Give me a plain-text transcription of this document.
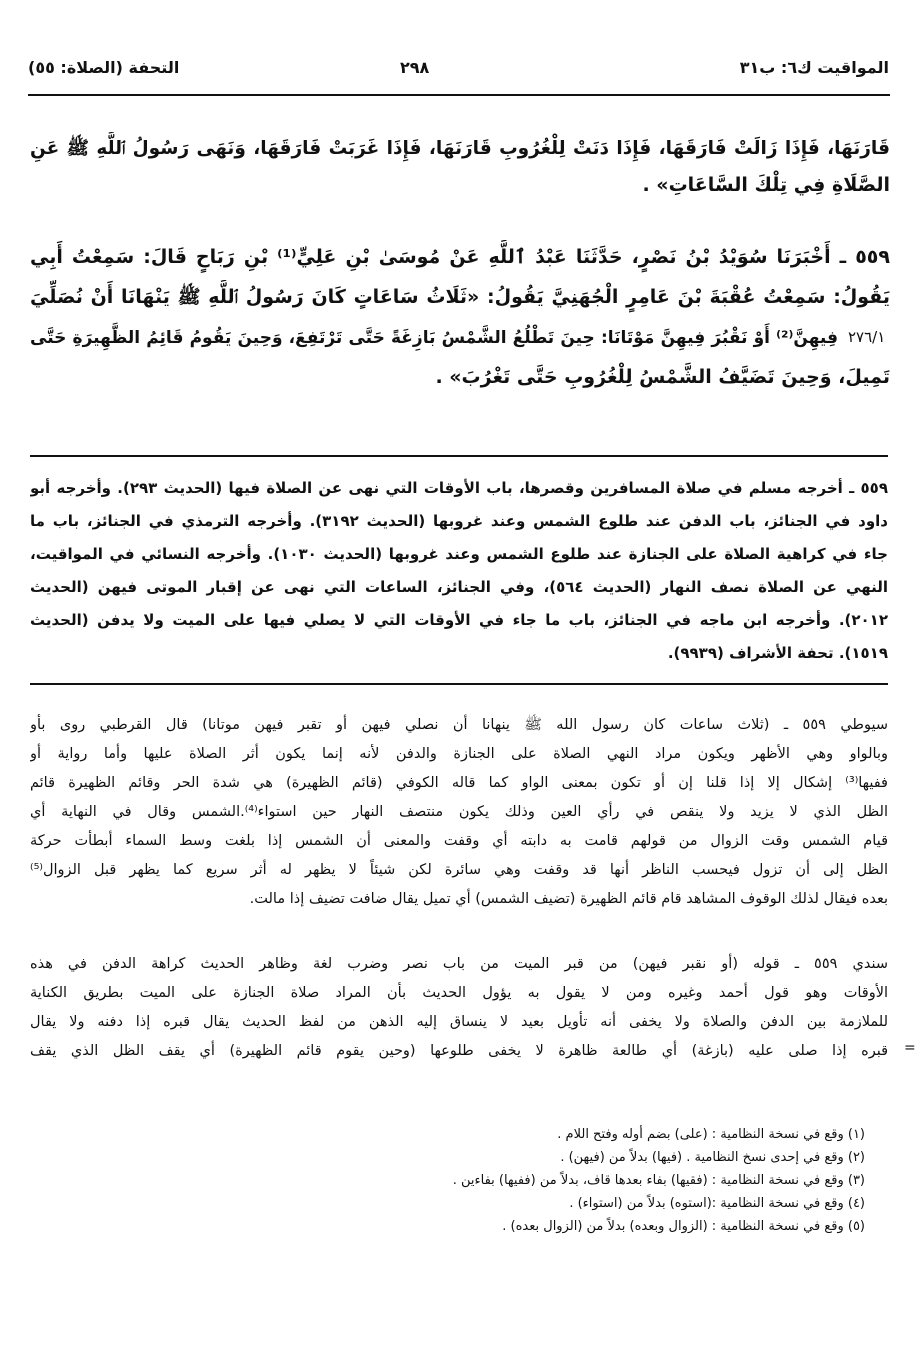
المواقيت ك٦: ب٣١
٢٩٨
التحفة (الصلاة: ٥٥)
قَارَنَهَا، فَإِذَا زَالَتْ فَارَقَهَا، فَإِذَا دَنَتْ لِلْغُرُوبِ قَارَنَهَا، فَإِذَا غَرَبَتْ فَارَقَهَا، وَنَهَى رَسُولُ ٱللَّهِ ﷺ عَنِ
الصَّلَاةِ فِي تِلْكَ السَّاعَاتِ» .
٥٥٩ ـ أَخْبَرَنَا سُوَيْدُ بْنُ نَصْرٍ، حَدَّثَنَا عَبْدُ ٱللَّهِ عَنْ مُوسَىٰ بْنِ عَلِيٍّ⁽¹⁾ بْنِ رَبَاحٍ قَالَ: سَمِعْتُ أَبِي
يَقُولُ: سَمِعْتُ عُقْبَةَ بْنَ عَامِرٍ الْجُهَنِيَّ يَقُولُ: «ثَلَاثُ سَاعَاتٍ كَانَ رَسُولُ ٱللَّهِ ﷺ يَنْهَانَا أَنْ نُصَلِّيَ
فِيهِنَّ⁽²⁾ أَوْ نَقْبُرَ فِيهِنَّ مَوْتَانَا: حِينَ تَطْلُعُ الشَّمْسُ بَازِغَةً حَتَّى تَرْتَفِعَ، وَحِينَ يَقُومُ قَائِمُ الظَّهِيرَةِ حَتَّى
تَمِيلَ، وَحِينَ تَضَيَّفُ الشَّمْسُ لِلْغُرُوبِ حَتَّى تَغْرُبَ» .
٢٧٦/١
٥٥٩ ـ أخرجه مسلم في صلاة المسافرين وقصرها، باب الأوقات التي نهى عن الصلاة فيها (الحديث ٢٩٣). وأخرجه أبو
داود في الجنائز، باب الدفن عند طلوع الشمس وعند غروبها (الحديث ٣١٩٢). وأخرجه الترمذي في الجنائز، باب ما
جاء في كراهية الصلاة على الجنازة عند طلوع الشمس وعند غروبها (الحديث ١٠٣٠). وأخرجه النسائي في المواقيت،
النهي عن الصلاة نصف النهار (الحديث ٥٦٤)، وفي الجنائز، الساعات التي نهى عن إقبار الموتى فيهن (الحديث
٢٠١٢). وأخرجه ابن ماجه في الجنائز، باب ما جاء في الأوقات التي لا يصلي فيها على الميت ولا يدفن (الحديث
١٥١٩). تحفة الأشراف (٩٩٣٩).
سيوطي ٥٥٩ ـ (ثلاث ساعات كان رسول الله ﷺ ينهانا أن نصلي فيهن أو تقبر فيهن موتانا) قال القرطبي روى بأو
وبالواو وهي الأظهر ويكون مراد النهي الصلاة على الجنازة والدفن لأنه إنما يكون أثر الصلاة عليها وأما رواية أو
ففيها⁽³⁾ إشكال إلا إذا قلنا إن أو تكون بمعنى الواو كما قاله الكوفي (قائم الظهيرة) هي شدة الحر وقائم الظهيرة قائم
الظل الذي لا يزيد ولا ينقص في رأي العين وذلك يكون منتصف النهار حين استواء⁽⁴⁾.الشمس وقال في النهاية أي
قيام الشمس وقت الزوال من قولهم قامت به دابته أي وقفت والمعنى أن الشمس إذا بلغت وسط السماء أبطأت حركة
الظل إلى أن تزول فيحسب الناظر أنها قد وقفت وهي سائرة لكن شيئاً لا يظهر له أثر سريع كما يظهر قبل الزوال⁽⁵⁾
بعده فيقال لذلك الوقوف المشاهد قام قائم الظهيرة (تضيف الشمس) أي تميل يقال ضافت تضيف إذا مالت.
سندي ٥٥٩ ـ قوله (أو نقبر فيهن) من قبر الميت من باب نصر وضرب لغة وظاهر الحديث كراهة الدفن في هذه
الأوقات وهو قول أحمد وغيره ومن لا يقول به يؤول الحديث بأن المراد صلاة الجنازة على الميت بطريق الكناية
للملازمة بين الدفن والصلاة ولا يخفى أنه تأويل بعيد لا ينساق إليه الذهن من لفظ الحديث يقال قبره إذا دفنه ولا يقال
قبره إذا صلى عليه (بازغة) أي طالعة ظاهرة لا يخفى طلوعها (وحين يقوم قائم الظهيرة) أي يقف الظل الذي يقف =
(١) وقع في نسخة النظامية : (على) بضم أوله وفتح اللام .
(٢) وقع في إحدى نسخ النظامية . (فيها) بدلاً من (فيهن) .
(٣) وقع في نسخة النظامية : (فقيها) بفاء بعدها قاف، بدلاً من (ففيها) بفاءين .
(٤) وقع في نسخة النظامية :(استوه) بدلاً من (استواء) .
(٥) وقع في نسخة النظامية : (الزوال وبعده) بدلاً من (الزوال بعده) .
